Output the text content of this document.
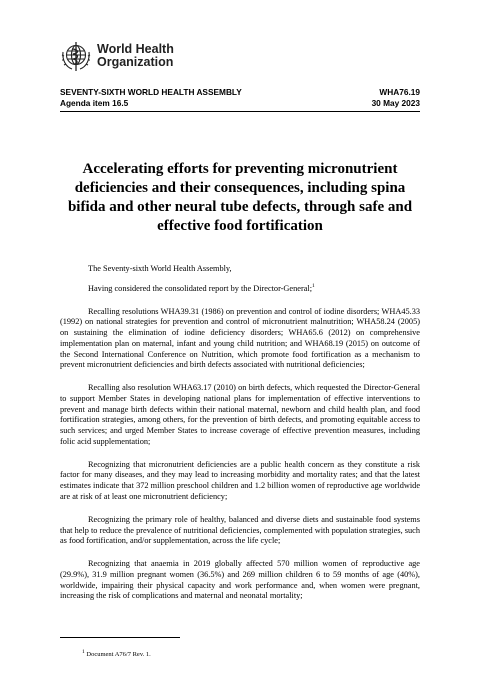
World Health
Organization
SEVENTY-SIXTH WORLD HEALTH ASSEMBLY
Agenda item 16.5
WHA76.19
30 May 2023
Accelerating efforts for preventing micronutrient deficiencies and their consequences, including spina bifida and other neural tube defects, through safe and effective food fortification

The Seventy-sixth World Health Assembly,

Having considered the consolidated report by the Director-General;$^1$

Recalling resolutions WHA39.31 (1986) on prevention and control of iodine disorders; WHA45.33 (1992) on national strategies for prevention and control of micronutrient malnutrition; WHA58.24 (2005) on sustaining the elimination of iodine deficiency disorders; WHA65.6 (2012) on comprehensive implementation plan on maternal, infant and young child nutrition; and WHA68.19 (2015) on outcome of the Second International Conference on Nutrition, which promote food fortification as a mechanism to prevent micronutrient deficiencies and birth defects associated with nutritional deficiencies;

Recalling also resolution WHA63.17 (2010) on birth defects, which requested the Director-General to support Member States in developing national plans for implementation of effective interventions to prevent and manage birth defects within their national maternal, newborn and child health plan, and food fortification strategies, among others, for the prevention of birth defects, and promoting equitable access to such services; and urged Member States to increase coverage of effective prevention measures, including folic acid supplementation;

Recognizing that micronutrient deficiencies are a public health concern as they constitute a risk factor for many diseases, and they may lead to increasing morbidity and mortality rates; and that the latest estimates indicate that 372 million preschool children and 1.2 billion women of reproductive age worldwide are at risk of at least one micronutrient deficiency;

Recognizing the primary role of healthy, balanced and diverse diets and sustainable food systems that help to reduce the prevalence of nutritional deficiencies, complemented with population strategies, such as food fortification, and/or supplementation, across the life cycle;

Recognizing that anaemia in 2019 globally affected 570 million women of reproductive age (29.9%), 31.9 million pregnant women (36.5%) and 269 million children 6 to 59 months of age (40%), worldwide, impairing their physical capacity and work performance and, when women were pregnant, increasing the risk of complications and maternal and neonatal mortality;

$^1$ Document A76/7 Rev. 1.
